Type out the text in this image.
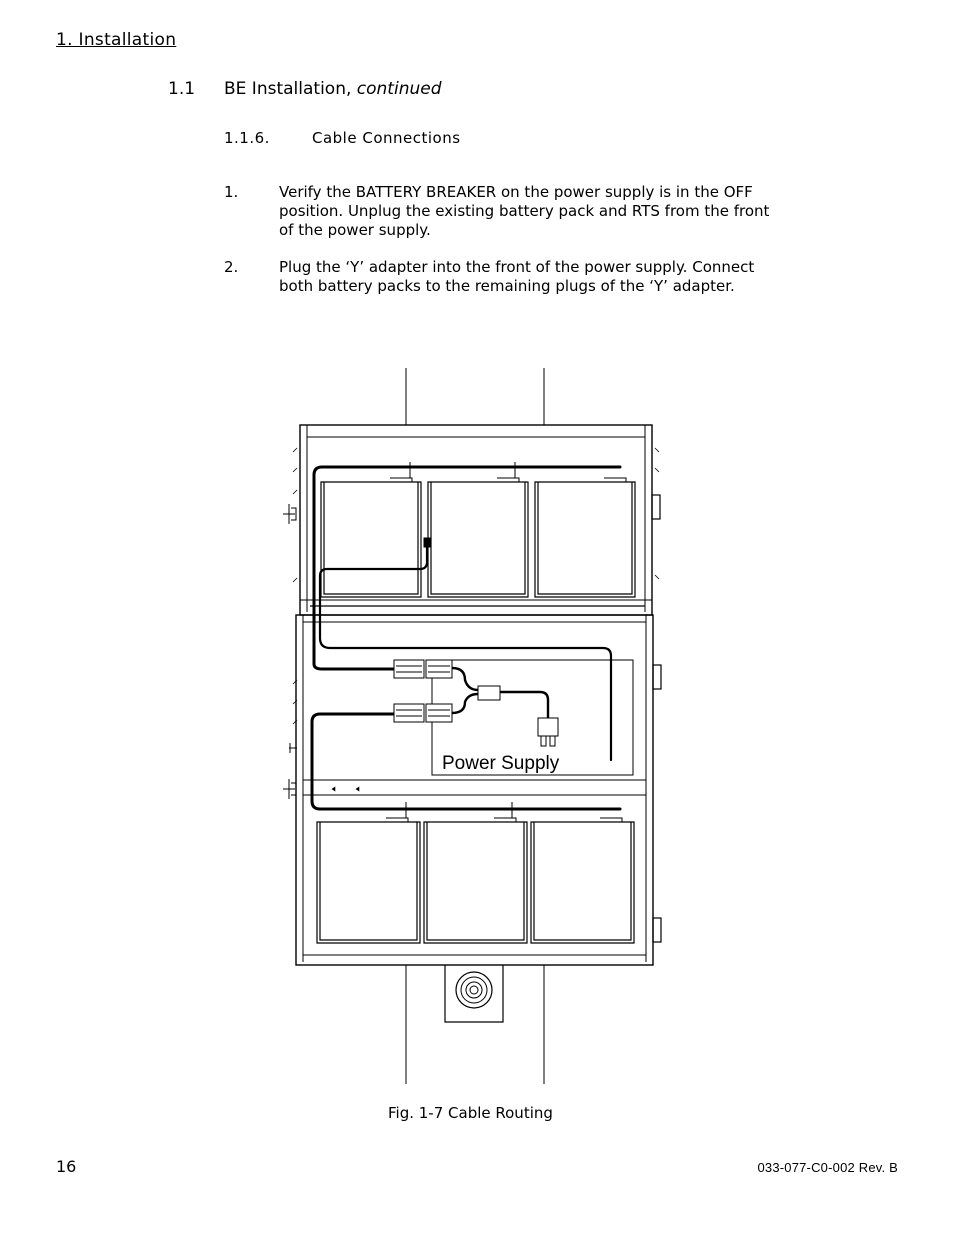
1. Installation
1.1 BE Installation, continued
1.1.6.	Cable Connections
1.	Verify the BATTERY BREAKER on the power supply is in the OFF position. Unplug the existing battery pack and RTS from the front of the power supply.
2.	Plug the ‘Y’ adapter into the front of the power supply. Connect both battery packs to the remaining plugs of the ‘Y’ adapter.
Power Supply
Fig. 1-7 Cable Routing
16	033-077-C0-002 Rev. B
